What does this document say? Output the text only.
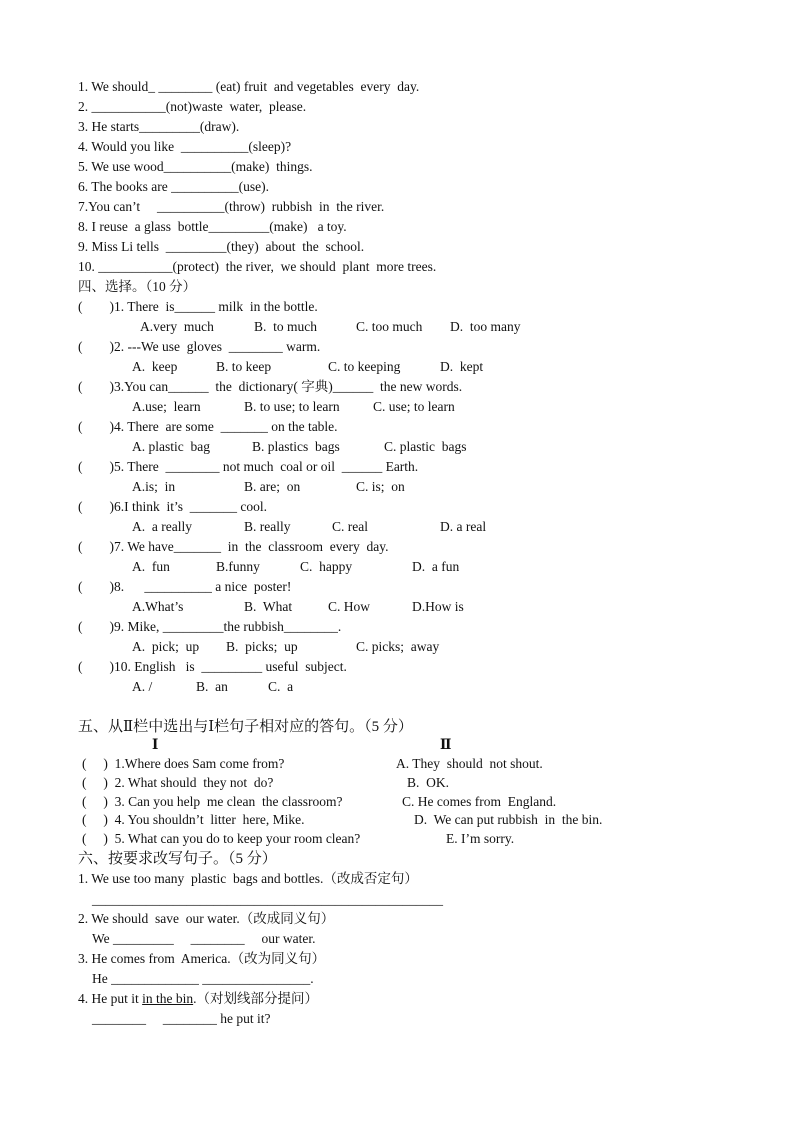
1. We should_ ________ (eat) fruit  and vegetables  every  day.
2. ___________(not)waste  water,  please.
3. He starts_________(draw).
4. Would you like  __________(sleep)?
5. We use wood__________(make)  things.
6. The books are __________(use).
7.You can’t     __________(throw)  rubbish  in  the river.
8. I reuse  a glass  bottle_________(make)   a toy.
9. Miss Li tells  _________(they)  about  the  school.
10. ___________(protect)  the river,  we should  plant  more trees.
四、选择。（10 分）
(        )1. There  is______ milk  in the bottle.
A.very  much	B.  to much	C. too much D.  too many
(        )2. ---We use  gloves  ________ warm.
A.  keep	B. to keep	C. to keeping	D.  kept
(        )3.You can______  the  dictionary( 字典)______  the new words.
A.use;  learn	B. to use; to learn C. use; to learn
(        )4. There  are some  _______ on the table.
A. plastic  bag	B. plastics  bags	C. plastic  bags
(        )5. There  ________ not much  coal or oil  ______ Earth.
A.is;  in	B. are;  on	C. is;  on
(        )6.I think  it’s  _______ cool.
A.  a really	B. really	C. real	D. a real
(        )7. We have_______  in  the  classroom  every  day.
A.  fun	B.funny	C.  happy	D.  a fun
(        )8.      __________ a nice  poster!
A.What’s	B.  What	C. How	D.How is
(        )9. Mike, _________the rubbish________.
A.  pick;  up B.  picks;  up	C. picks;  away
(        )10. English   is  _________ useful  subject.
A. /	B.  an	C.  a
五、从Ⅱ栏中选出与Ⅰ栏句子相对应的答句。（5 分）
Ⅰ	Ⅱ
(     )  1.Where does Sam come from?	A. They  should  not shout.
(     )  2. What should  they not  do?	B.  OK.
(     )  3. Can you help  me clean  the classroom?	C. He comes from  England.
(     )  4. You shouldn’t  litter  here, Mike.	D.  We can put rubbish  in  the bin.
(     )  5. What can you do to keep your room clean?	E. I’m sorry.
六、按要求改写句子。（5 分）
1. We use too many  plastic  bags and bottles.（改成否定句）
____________________________________________________
2. We should  save  our water.（改成同义句）
We _________     ________     our water.
3. He comes from  America.（改为同义句）
He _____________ ________________.
4. He put it in the bin.（对划线部分提问）
________     ________ he put it?
